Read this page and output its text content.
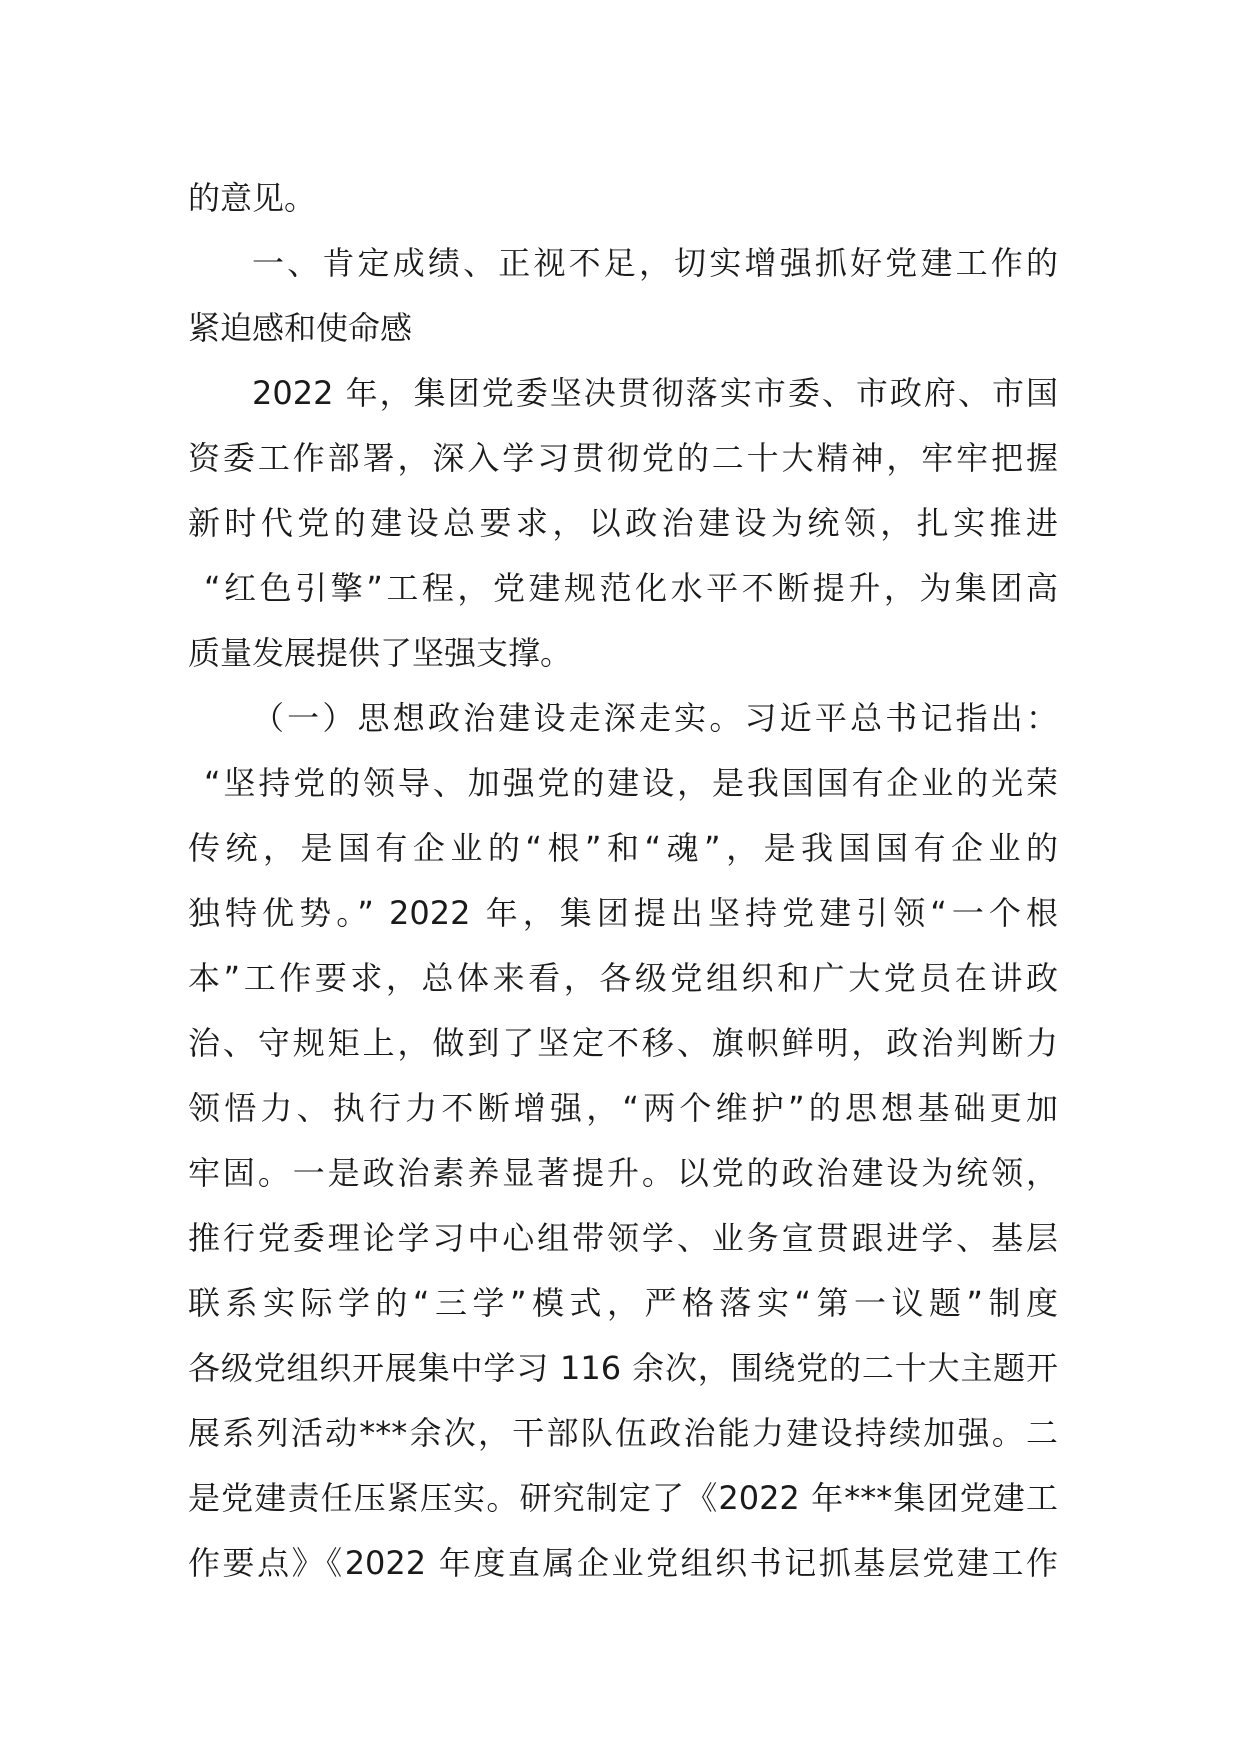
的意见。
一、肯定成绩、正视不足，切实增强抓好党建工作的
紧迫感和使命感
2022 年，集团党委坚决贯彻落实市委、市政府、市国
资委工作部署，深入学习贯彻党的二十大精神，牢牢把握
新时代党的建设总要求，以政治建设为统领，扎实推进
“红色引擎”工程，党建规范化水平不断提升，为集团高
质量发展提供了坚强支撑。
（一）思想政治建设走深走实。习近平总书记指出：
“坚持党的领导、加强党的建设，是我国国有企业的光荣
传统，是国有企业的“根”和“魂”，是我国国有企业的
独特优势。” 2022 年，集团提出坚持党建引领“一个根
本”工作要求，总体来看，各级党组织和广大党员在讲政
治、守规矩上，做到了坚定不移、旗帜鲜明，政治判断力
领悟力、执行力不断增强，“两个维护”的思想基础更加
牢固。一是政治素养显著提升。以党的政治建设为统领，
推行党委理论学习中心组带领学、业务宣贯跟进学、基层
联系实际学的“三学”模式，严格落实“第一议题”制度
各级党组织开展集中学习 116 余次，围绕党的二十大主题开
展系列活动***余次，干部队伍政治能力建设持续加强。二
是党建责任压紧压实。研究制定了《2022 年***集团党建工
作要点》《2022 年度直属企业党组织书记抓基层党建工作
